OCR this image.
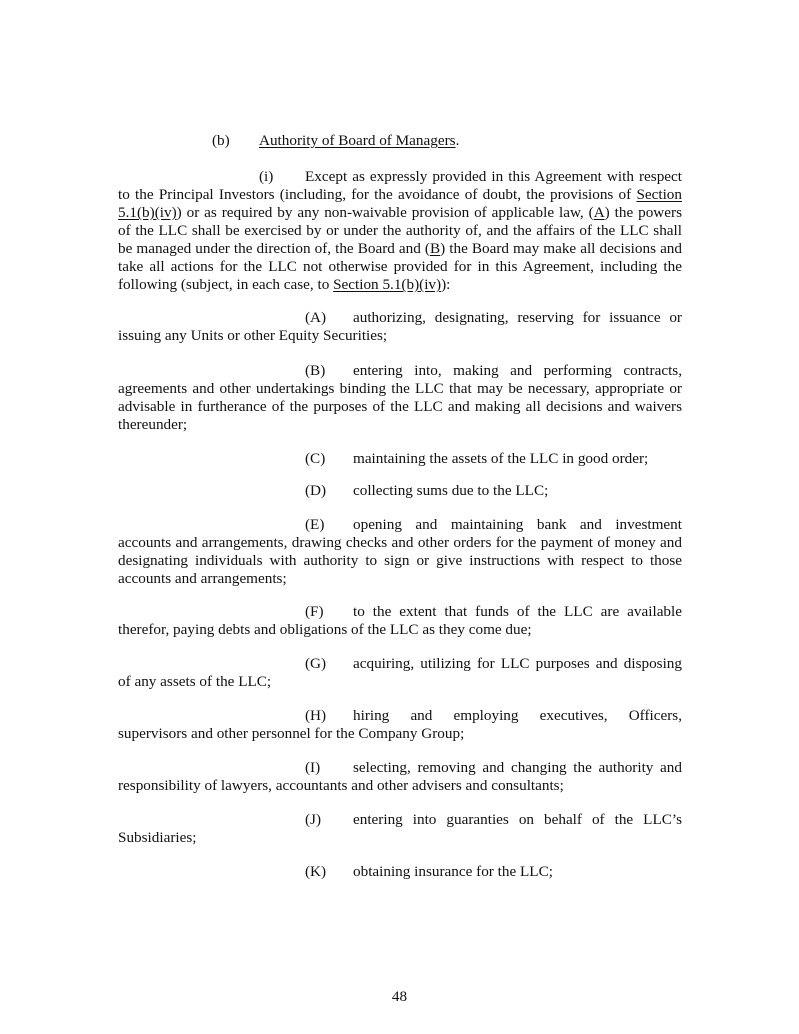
(b) Authority of Board of Managers.
(i) Except as expressly provided in this Agreement with respect to the Principal Investors (including, for the avoidance of doubt, the provisions of Section 5.1(b)(iv)) or as required by any non-waivable provision of applicable law, (A) the powers of the LLC shall be exercised by or under the authority of, and the affairs of the LLC shall be managed under the direction of, the Board and (B) the Board may make all decisions and take all actions for the LLC not otherwise provided for in this Agreement, including the following (subject, in each case, to Section 5.1(b)(iv)):
(A) authorizing, designating, reserving for issuance or issuing any Units or other Equity Securities;
(B) entering into, making and performing contracts, agreements and other undertakings binding the LLC that may be necessary, appropriate or advisable in furtherance of the purposes of the LLC and making all decisions and waivers thereunder;
(C) maintaining the assets of the LLC in good order;
(D) collecting sums due to the LLC;
(E) opening and maintaining bank and investment accounts and arrangements, drawing checks and other orders for the payment of money and designating individuals with authority to sign or give instructions with respect to those accounts and arrangements;
(F) to the extent that funds of the LLC are available therefor, paying debts and obligations of the LLC as they come due;
(G) acquiring, utilizing for LLC purposes and disposing of any assets of the LLC;
(H) hiring and employing executives, Officers, supervisors and other personnel for the Company Group;
(I) selecting, removing and changing the authority and responsibility of lawyers, accountants and other advisers and consultants;
(J) entering into guaranties on behalf of the LLC’s Subsidiaries;
(K) obtaining insurance for the LLC;
48
